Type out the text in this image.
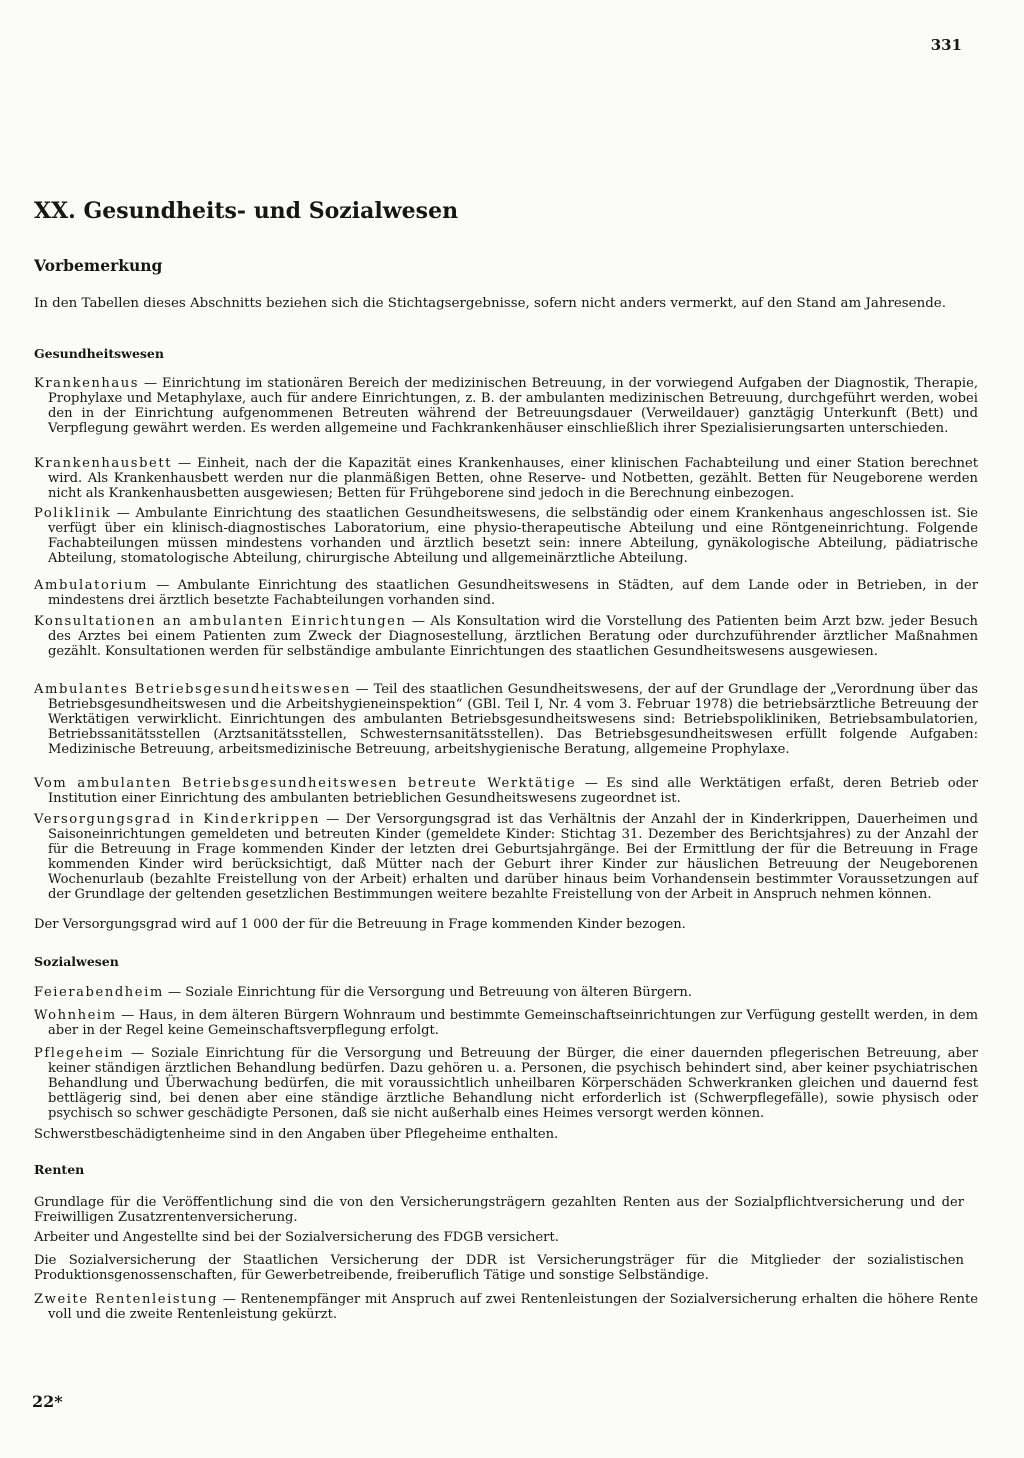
331
XX. Gesundheits- und Sozialwesen
Vorbemerkung

In den Tabellen dieses Abschnitts beziehen sich die Stichtagsergebnisse, sofern nicht anders vermerkt, auf den Stand am Jahresende.

Gesundheitswesen

Krankenhaus — Einrichtung im stationären Bereich der medizinischen Betreuung, in der vorwiegend Aufgaben der Diagnostik, Therapie, Prophylaxe und Metaphylaxe, auch für andere Einrichtungen, z. B. der ambulanten medizinischen Betreuung, durchgeführt werden, wobei den in der Einrichtung aufgenommenen Betreuten während der Betreuungsdauer (Verweildauer) ganztägig Unterkunft (Bett) und Verpflegung gewährt werden. Es werden allgemeine und Fachkrankenhäuser einschließlich ihrer Spezialisierungsarten unterschieden.

Krankenhausbett — Einheit, nach der die Kapazität eines Krankenhauses, einer klinischen Fachabteilung und einer Station berechnet wird. Als Krankenhausbett werden nur die planmäßigen Betten, ohne Reserve- und Notbetten, gezählt. Betten für Neugeborene werden nicht als Krankenhausbetten ausgewiesen; Betten für Frühgeborene sind jedoch in die Berechnung einbezogen.

Poliklinik — Ambulante Einrichtung des staatlichen Gesundheitswesens, die selbständig oder einem Krankenhaus angeschlossen ist. Sie verfügt über ein klinisch-diagnostisches Laboratorium, eine physio-therapeutische Abteilung und eine Röntgeneinrichtung. Folgende Fachabteilungen müssen mindestens vorhanden und ärztlich besetzt sein: innere Abteilung, gynäkologische Abteilung, pädiatrische Abteilung, stomatologische Abteilung, chirurgische Abteilung und allgemeinärztliche Abteilung.

Ambulatorium — Ambulante Einrichtung des staatlichen Gesundheitswesens in Städten, auf dem Lande oder in Betrieben, in der mindestens drei ärztlich besetzte Fachabteilungen vorhanden sind.

Konsultationen an ambulanten Einrichtungen — Als Konsultation wird die Vorstellung des Patienten beim Arzt bzw. jeder Besuch des Arztes bei einem Patienten zum Zweck der Diagnosestellung, ärztlichen Beratung oder durchzuführender ärztlicher Maßnahmen gezählt. Konsultationen werden für selbständige ambulante Einrichtungen des staatlichen Gesundheitswesens ausgewiesen.

Ambulantes Betriebsgesundheitswesen — Teil des staatlichen Gesundheitswesens, der auf der Grundlage der „Verordnung über das Betriebsgesundheitswesen und die Arbeitshygieneinspektion“ (GBl. Teil I, Nr. 4 vom 3. Februar 1978) die betriebsärztliche Betreuung der Werktätigen verwirklicht. Einrichtungen des ambulanten Betriebsgesundheitswesens sind: Betriebspolikliniken, Betriebsambulatorien, Betriebssanitätsstellen (Arztsanitätsstellen, Schwesternsanitätsstellen). Das Betriebsgesundheitswesen erfüllt folgende Aufgaben: Medizinische Betreuung, arbeitsmedizinische Betreuung, arbeitshygienische Beratung, allgemeine Prophylaxe.

Vom ambulanten Betriebsgesundheitswesen betreute Werktätige — Es sind alle Werktätigen erfaßt, deren Betrieb oder Institution einer Einrichtung des ambulanten betrieblichen Gesundheitswesens zugeordnet ist.

Versorgungsgrad in Kinderkrippen — Der Versorgungsgrad ist das Verhältnis der Anzahl der in Kinderkrippen, Dauerheimen und Saisoneinrichtungen gemeldeten und betreuten Kinder (gemeldete Kinder: Stichtag 31. Dezember des Berichtsjahres) zu der Anzahl der für die Betreuung in Frage kommenden Kinder der letzten drei Geburtsjahrgänge. Bei der Ermittlung der für die Betreuung in Frage kommenden Kinder wird berücksichtigt, daß Mütter nach der Geburt ihrer Kinder zur häuslichen Betreuung der Neugeborenen Wochenurlaub (bezahlte Freistellung von der Arbeit) erhalten und darüber hinaus beim Vorhandensein bestimmter Voraussetzungen auf der Grundlage der geltenden gesetzlichen Bestimmungen weitere bezahlte Freistellung von der Arbeit in Anspruch nehmen können.

Der Versorgungsgrad wird auf 1 000 der für die Betreuung in Frage kommenden Kinder bezogen.

Sozialwesen

Feierabendheim — Soziale Einrichtung für die Versorgung und Betreuung von älteren Bürgern.

Wohnheim — Haus, in dem älteren Bürgern Wohnraum und bestimmte Gemeinschaftseinrichtungen zur Verfügung gestellt werden, in dem aber in der Regel keine Gemeinschaftsverpflegung erfolgt.

Pflegeheim — Soziale Einrichtung für die Versorgung und Betreuung der Bürger, die einer dauernden pflegerischen Betreuung, aber keiner ständigen ärztlichen Behandlung bedürfen. Dazu gehören u. a. Personen, die psychisch behindert sind, aber keiner psychiatrischen Behandlung und Überwachung bedürfen, die mit voraussichtlich unheilbaren Körperschäden Schwerkranken gleichen und dauernd fest bettlägerig sind, bei denen aber eine ständige ärztliche Behandlung nicht erforderlich ist (Schwerpflegefälle), sowie physisch oder psychisch so schwer geschädigte Personen, daß sie nicht außerhalb eines Heimes versorgt werden können.

Schwerstbeschädigtenheime sind in den Angaben über Pflegeheime enthalten.

Renten

Grundlage für die Veröffentlichung sind die von den Versicherungsträgern gezahlten Renten aus der Sozialpflichtversicherung und der Freiwilligen Zusatzrentenversicherung.

Arbeiter und Angestellte sind bei der Sozialversicherung des FDGB versichert.

Die Sozialversicherung der Staatlichen Versicherung der DDR ist Versicherungsträger für die Mitglieder der sozialistischen Produktionsgenossenschaften, für Gewerbetreibende, freiberuflich Tätige und sonstige Selbständige.

Zweite Rentenleistung — Rentenempfänger mit Anspruch auf zwei Rentenleistungen der Sozialversicherung erhalten die höhere Rente voll und die zweite Rentenleistung gekürzt.

22*
